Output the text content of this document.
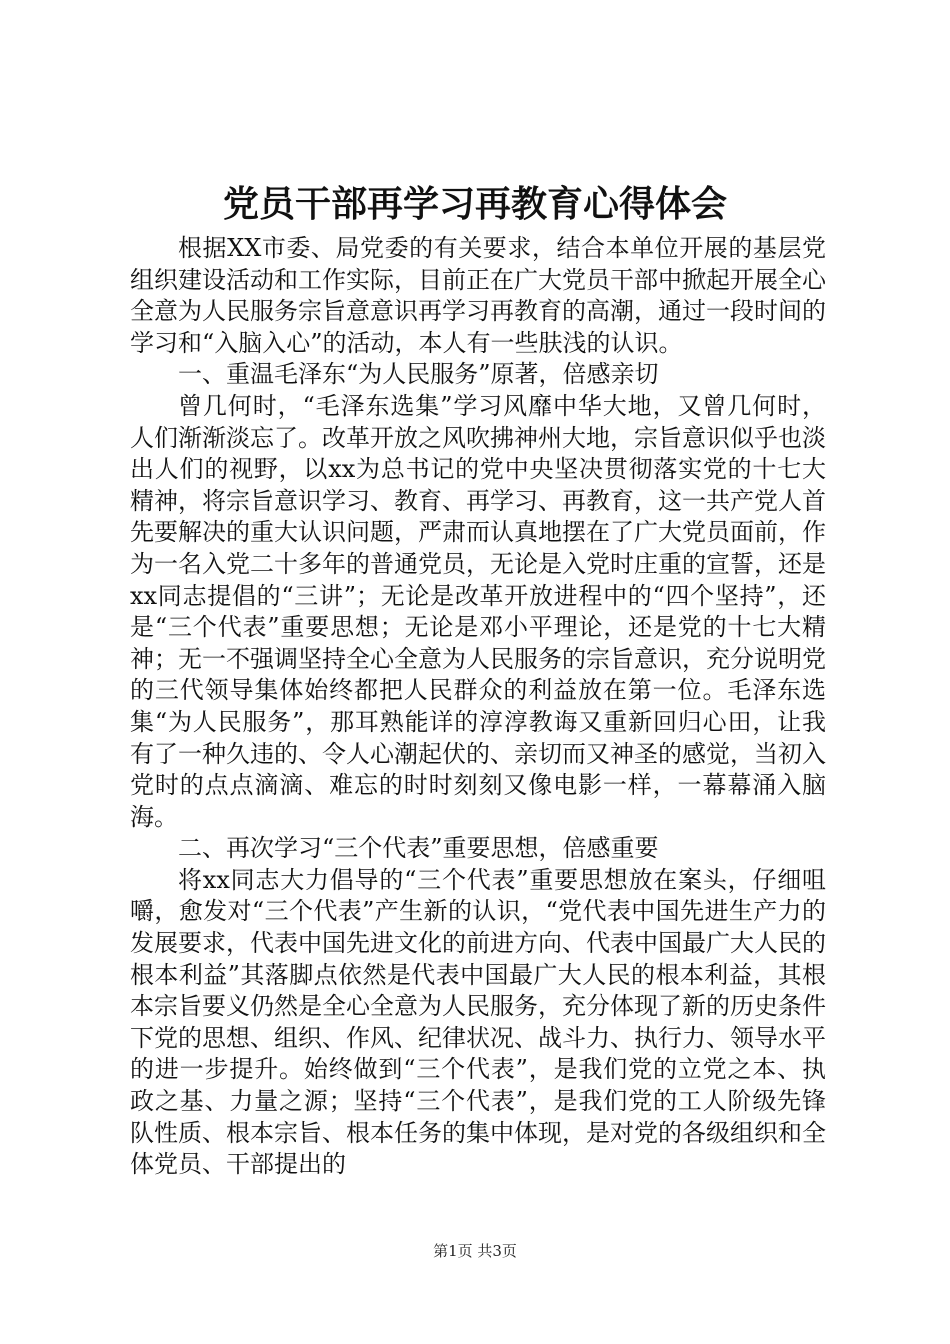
党员干部再学习再教育心得体会

根据XX市委、局党委的有关要求，结合本单位开展的基层党组织建设活动和工作实际，目前正在广大党员干部中掀起开展全心全意为人民服务宗旨意意识再学习再教育的高潮，通过一段时间的学习和“入脑入心”的活动，本人有一些肤浅的认识。

一、重温毛泽东“为人民服务”原著，倍感亲切

曾几何时，“毛泽东选集”学习风靡中华大地，又曾几何时，人们渐渐淡忘了。改革开放之风吹拂神州大地，宗旨意识似乎也淡出人们的视野，以xx为总书记的党中央坚决贯彻落实党的十七大精神，将宗旨意识学习、教育、再学习、再教育，这一共产党人首先要解决的重大认识问题，严肃而认真地摆在了广大党员面前，作为一名入党二十多年的普通党员，无论是入党时庄重的宣誓，还是xx同志提倡的“三讲”；无论是改革开放进程中的“四个坚持”，还是“三个代表”重要思想；无论是邓小平理论，还是党的十七大精神；无一不强调坚持全心全意为人民服务的宗旨意识，充分说明党的三代领导集体始终都把人民群众的利益放在第一位。毛泽东选集“为人民服务”，那耳熟能详的淳淳教诲又重新回归心田，让我有了一种久违的、令人心潮起伏的、亲切而又神圣的感觉，当初入党时的点点滴滴、难忘的时时刻刻又像电影一样，一幕幕涌入脑海。

二、再次学习“三个代表”重要思想，倍感重要

将xx同志大力倡导的“三个代表”重要思想放在案头，仔细咀嚼，愈发对“三个代表”产生新的认识，“党代表中国先进生产力的发展要求，代表中国先进文化的前进方向、代表中国最广大人民的根本利益”其落脚点依然是代表中国最广大人民的根本利益，其根本宗旨要义仍然是全心全意为人民服务，充分体现了新的历史条件下党的思想、组织、作风、纪律状况、战斗力、执行力、领导水平的进一步提升。始终做到“三个代表”，是我们党的立党之本、执政之基、力量之源；坚持“三个代表”，是我们党的工人阶级先锋队性质、根本宗旨、根本任务的集中体现，是对党的各级组织和全体党员、干部提出的

第1页 共3页
